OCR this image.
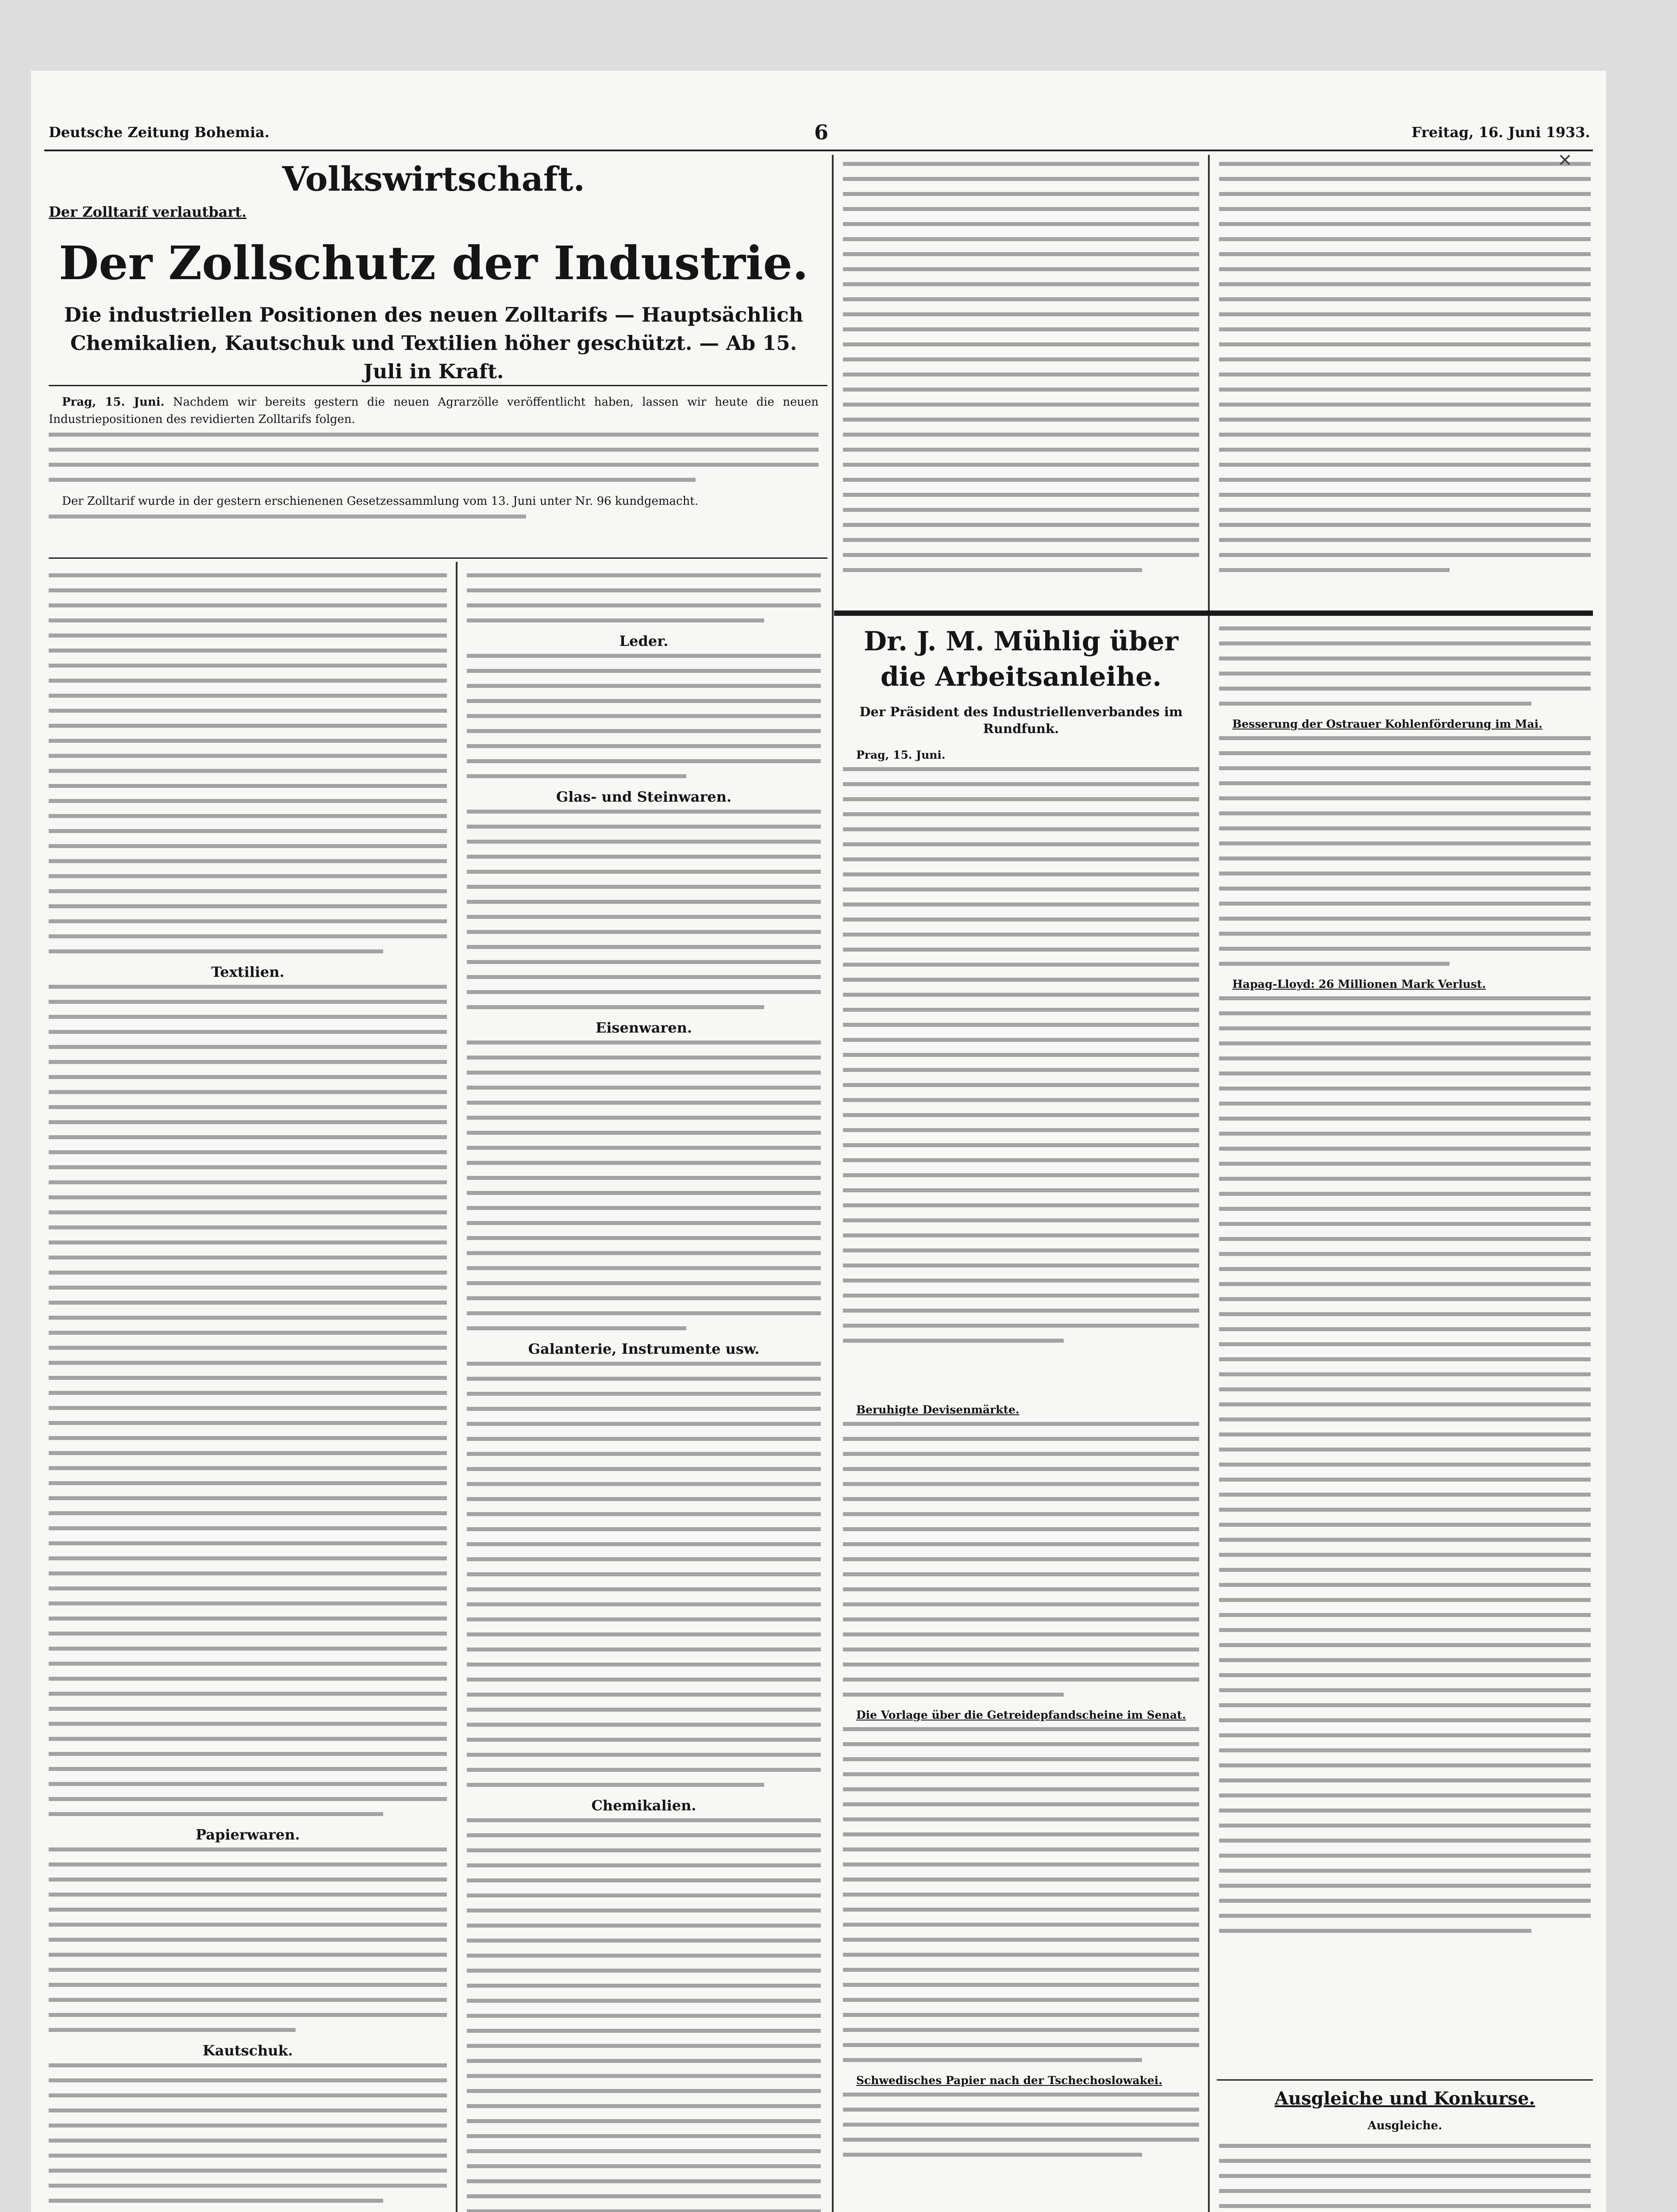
Deutsche Zeitung Bohemia.	6	Freitag, 16. Juni 1933.
Volkswirtschaft.
Der Zolltarif verlautbart.
Der Zollschutz der Industrie.
Die industriellen Positionen des neuen Zolltarifs — Hauptsächlich Chemikalien, Kautschuk und Textilien höher geschützt. — Ab 15. Juli in Kraft.

Prag, 15. Juni. Nachdem wir bereits gestern die neuen Agrarzölle veröffentlicht haben, lassen wir heute die neuen Industriepositionen des revidierten Zolltarifs folgen.

Der Zolltarif wurde in der gestern erschienenen Gesetzessammlung vom 13. Juni unter Nr. 96 kundgemacht.

Textilien.
Papierwaren.
Kautschuk.
Leder.
Glas- und Steinwaren.
Eisenwaren.
Galanterie, Instrumente usw.
Chemikalien.
Dr. J. M. Mühlig über die Arbeitsanleihe.
Der Präsident des Industriellenverbandes im Rundfunk.

Prag, 15. Juni.

Beruhigte Devisenmärkte.

Die Vorlage über die Getreidepfandscheine im Senat.

Schwedisches Papier nach der Tschechoslowakei.

Besserung der Ostrauer Kohlenförderung im Mai.

Hapag-Lloyd: 26 Millionen Mark Verlust.

Ausgleiche und Konkurse.
Ausgleiche.
✕
